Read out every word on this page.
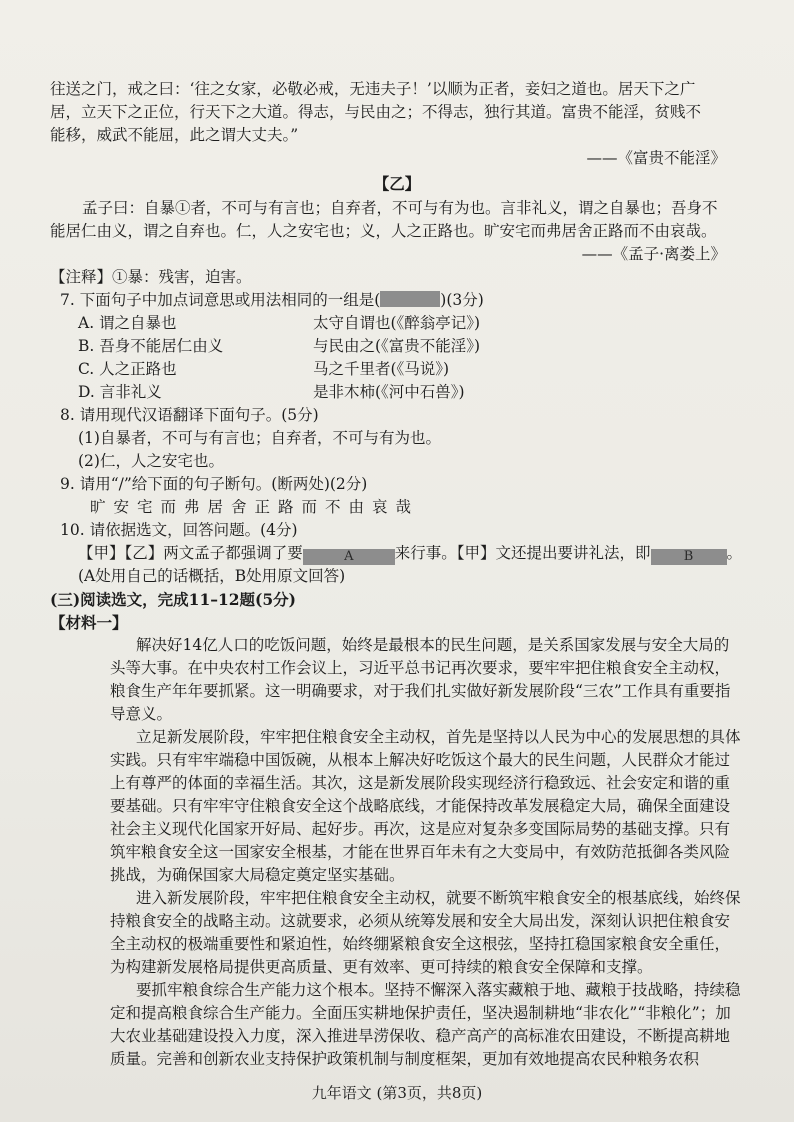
往送之门，戒之曰：‘往之女家，必敬必戒，无违夫子！’以顺为正者，妾妇之道也。居天下之广
居，立天下之正位，行天下之大道。得志，与民由之；不得志，独行其道。富贵不能淫，贫贱不
能移，威武不能屈，此之谓大丈夫。”
——《富贵不能淫》
【乙】
孟子曰：自暴①者，不可与有言也；自弃者，不可与有为也。言非礼义，谓之自暴也；吾身不
能居仁由义，谓之自弃也。仁，人之安宅也；义，人之正路也。旷安宅而弗居舍正路而不由哀哉。
——《孟子·离娄上》
【注释】①暴：残害，迫害。
7. 下面句子中加点词意思或用法相同的一组是(	)(3分)
A. 谓之自暴也	太守自谓也(《醉翁亭记》)
B. 吾身不能居仁由义	与民由之(《富贵不能淫》)
C. 人之正路也	马之千里者(《马说》)
D. 言非礼义	是非木柿(《河中石兽》)
8. 请用现代汉语翻译下面句子。(5分)
(1)自暴者，不可与有言也；自弃者，不可与有为也。
(2)仁，人之安宅也。
9. 请用“/”给下面的句子断句。(断两处)(2分)
旷安宅而弗居舍正路而不由哀哉
10. 请依据选文，回答问题。(4分)
【甲】【乙】两文孟子都强调了要	A	来行事。【甲】文还提出要讲礼法，即	B 。
(A处用自己的话概括，B处用原文回答)
(三)阅读选文，完成11–12题(5分)
【材料一】
解决好14亿人口的吃饭问题，始终是最根本的民生问题，是关系国家发展与安全大局的头等大事。在中央农村工作会议上，习近平总书记再次要求，要牢牢把住粮食安全主动权，粮食生产年年要抓紧。这一明确要求，对于我们扎实做好新发展阶段“三农”工作具有重要指导意义。
立足新发展阶段，牢牢把住粮食安全主动权，首先是坚持以人民为中心的发展思想的具体实践。只有牢牢端稳中国饭碗，从根本上解决好吃饭这个最大的民生问题，人民群众才能过上有尊严的体面的幸福生活。其次，这是新发展阶段实现经济行稳致远、社会安定和谐的重要基础。只有牢牢守住粮食安全这个战略底线，才能保持改革发展稳定大局，确保全面建设社会主义现代化国家开好局、起好步。再次，这是应对复杂多变国际局势的基础支撑。只有筑牢粮食安全这一国家安全根基，才能在世界百年未有之大变局中，有效防范抵御各类风险挑战，为确保国家大局稳定奠定坚实基础。
进入新发展阶段，牢牢把住粮食安全主动权，就要不断筑牢粮食安全的根基底线，始终保持粮食安全的战略主动。这就要求，必须从统筹发展和安全大局出发，深刻认识把住粮食安全主动权的极端重要性和紧迫性，始终绷紧粮食安全这根弦，坚持扛稳国家粮食安全重任，为构建新发展格局提供更高质量、更有效率、更可持续的粮食安全保障和支撑。
要抓牢粮食综合生产能力这个根本。坚持不懈深入落实藏粮于地、藏粮于技战略，持续稳定和提高粮食综合生产能力。全面压实耕地保护责任，坚决遏制耕地“非农化”“非粮化”；加大农业基础建设投入力度，深入推进旱涝保收、稳产高产的高标准农田建设，不断提高耕地质量。完善和创新农业支持保护政策机制与制度框架，更加有效地提高农民种粮务农积
九年语文 (第3页，共8页)
